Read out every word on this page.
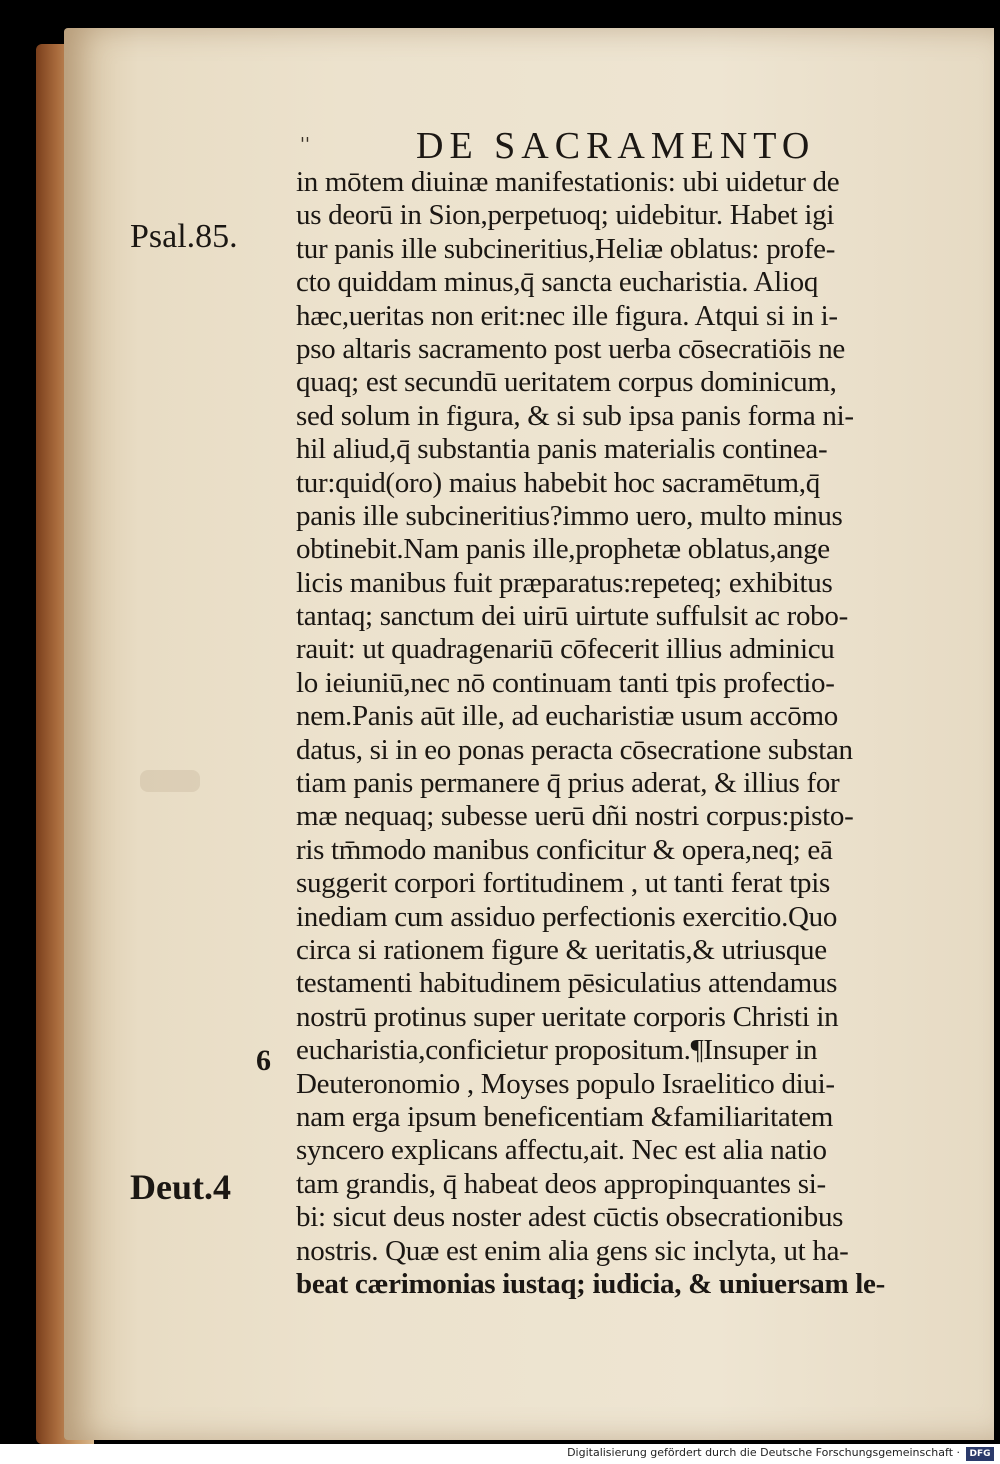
''	DE SACRAMENTO
Psal.85.
6
Deut.4
in mōtem diuinæ manifestationis: ubi uidetur de
us deorū in Sion,perpetuoq; uidebitur. Habet igi
tur panis ille subcineritius,Heliæ oblatus: profe-
cto quiddam minus,q̄ sancta eucharistia. Alioq
hæc,ueritas non erit:nec ille figura. Atqui si in i-
pso altaris sacramento post uerba cōsecratiōis ne
quaq; est secundū ueritatem corpus dominicum,
sed solum in figura, & si sub ipsa panis forma ni-
hil aliud,q̄ substantia panis materialis continea-
tur:quid(oro) maius habebit hoc sacramētum,q̄
panis ille subcineritius?immo uero, multo minus
obtinebit.Nam panis ille,prophetæ oblatus,ange
licis manibus fuit præparatus:repeteq; exhibitus
tantaq; sanctum dei uirū uirtute suffulsit ac robo-
rauit: ut quadragenariū cōfecerit illius adminicu
lo ieiuniū,nec nō continuam tanti tpis profectio-
nem.Panis aūt ille, ad eucharistiæ usum accōmo
datus, si in eo ponas peracta cōsecratione substan
tiam panis permanere q̄ prius aderat, & illius for
mæ nequaq; subesse uerū dñi nostri corpus:pisto-
ris tm̄modo manibus conficitur & opera,neq; eā
suggerit corpori fortitudinem , ut tanti ferat tpis
inediam cum assiduo perfectionis exercitio.Quo
circa si rationem figure & ueritatis,& utriusque
testamenti habitudinem pēsiculatius attendamus
nostrū protinus super ueritate corporis Christi in
eucharistia,conficietur propositum.¶Insuper in
Deuteronomio , Moyses populo Israelitico diui-
nam erga ipsum beneficentiam &familiaritatem
syncero explicans affectu,ait. Nec est alia natio
tam grandis, q̄ habeat deos appropinquantes si-
bi: sicut deus noster adest cūctis obsecrationibus
nostris. Quæ est enim alia gens sic inclyta, ut ha-
beat cærimonias iustaq; iudicia, & uniuersam le-
Digitalisierung gefördert durch die Deutsche Forschungsgemeinschaft ·	DFG
